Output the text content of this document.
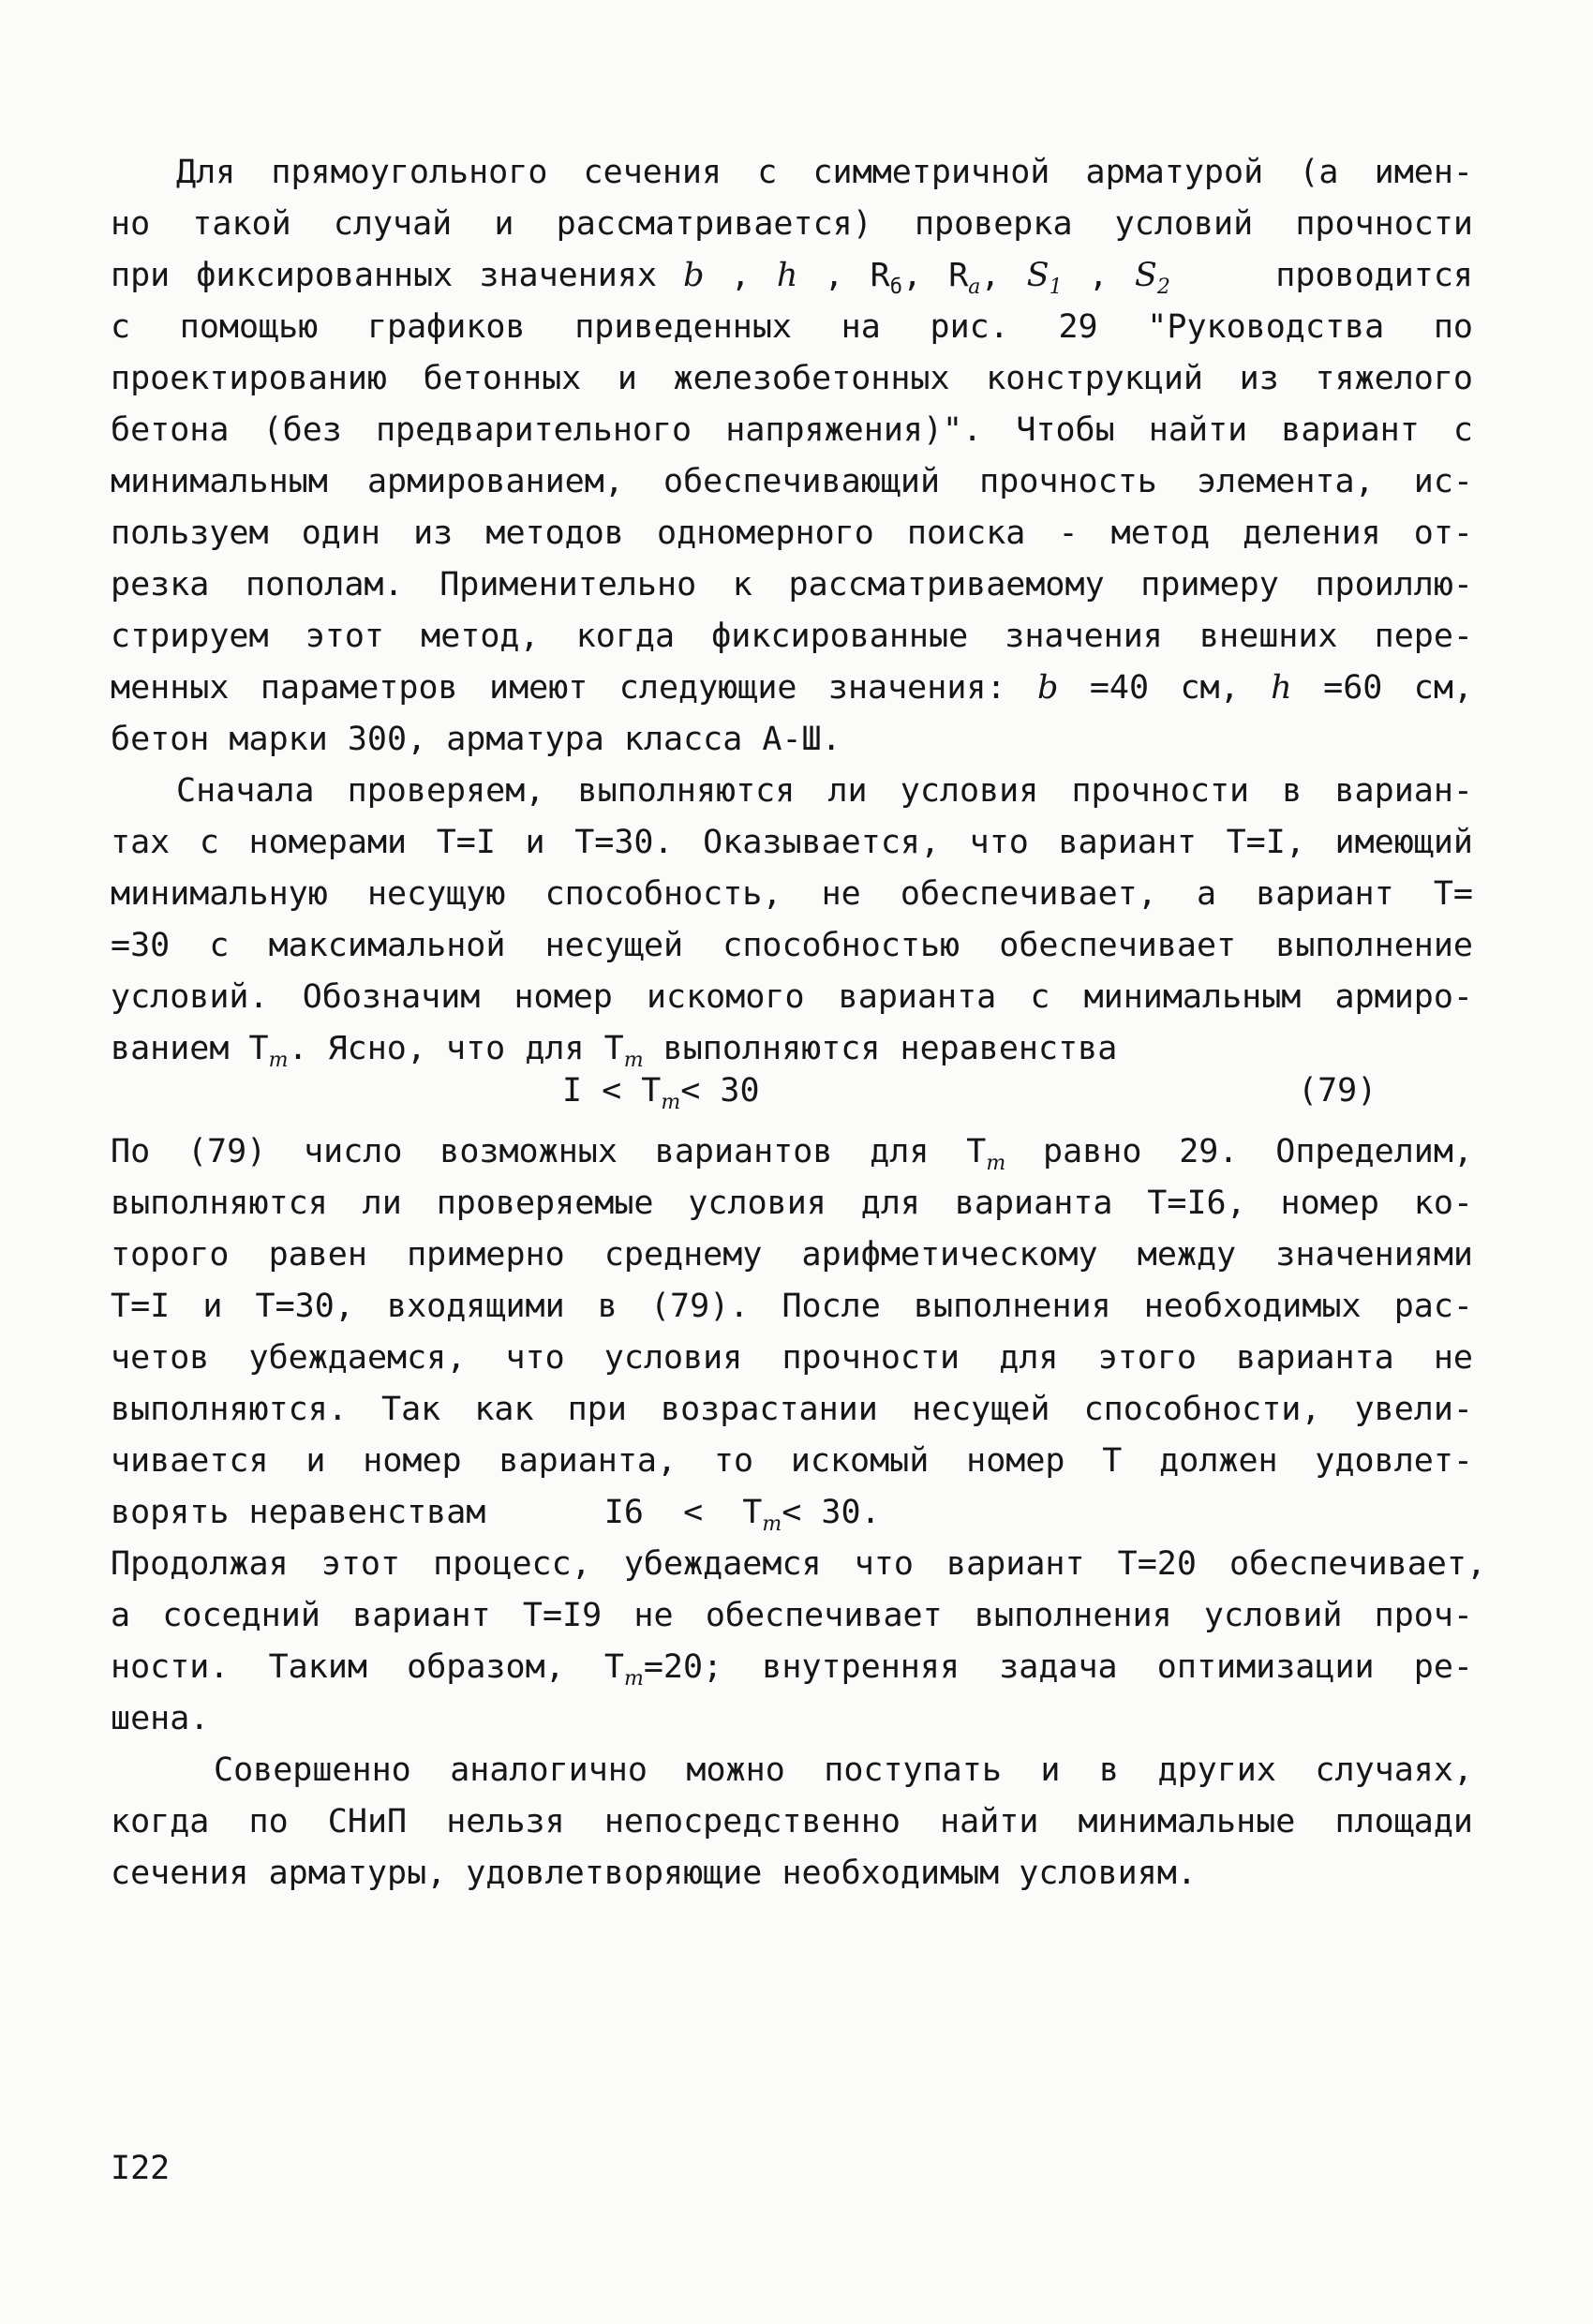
Для прямоугольного сечения с симметричной арматурой (а имен-
но такой случай и рассматривается) проверка условий прочности
при фиксированных значениях b , h , $R_б$, $R_a$, $S_1$ , $S_2$	проводится
с помощью графиков приведенных на рис. 29 "Руководства по
проектированию бетонных и железобетонных конструкций из тяжелого
бетона (без предварительного напряжения)". Чтобы найти вариант с
минимальным армированием, обеспечивающий прочность элемента, ис-
пользуем один из методов одномерного поиска - метод деления от-
резка пополам. Применительно к рассматриваемому примеру проиллю-
стрируем этот метод, когда фиксированные значения внешних пере-
менных параметров имеют следующие значения: b =40 см, h =60 см,
бетон марки 300, арматура класса А-Ш.
Сначала проверяем, выполняются ли условия прочности в вариан-
тах с номерами Т=I и Т=30. Оказывается, что вариант Т=I, имеющий
минимальную несущую способность, не обеспечивает, а вариант Т=
=30 с максимальной несущей способностью обеспечивает выполнение
условий. Обозначим номер искомого варианта с минимальным армиро-
ванием $Т_m$. Ясно, что для $Т_m$ выполняются неравенства
$I < Т_m< 30$	(79)
По (79) число возможных вариантов для $Т_m$ равно 29. Определим,
выполняются ли проверяемые условия для варианта Т=I6, номер ко-
торого равен примерно среднему арифметическому между значениями
Т=I и Т=30, входящими в (79). После выполнения необходимых рас-
четов убеждаемся, что условия прочности для этого варианта не
выполняются. Так как при возрастании несущей способности, увели-
чивается и номер варианта, то искомый номер Т должен удовлет-
ворять неравенствам      $I6 < Т_m< 30$.
Продолжая этот процесс, убеждаемся что вариант Т=20 обеспечивает,
а соседний вариант Т=I9 не обеспечивает выполнения условий проч-
ности. Таким образом, $Т_m=20$; внутренняя задача оптимизации ре-
шена.
Совершенно аналогично можно поступать и в других случаях,
когда по СНиП нельзя непосредственно найти минимальные площади
сечения арматуры, удовлетворяющие необходимым условиям.
I22
